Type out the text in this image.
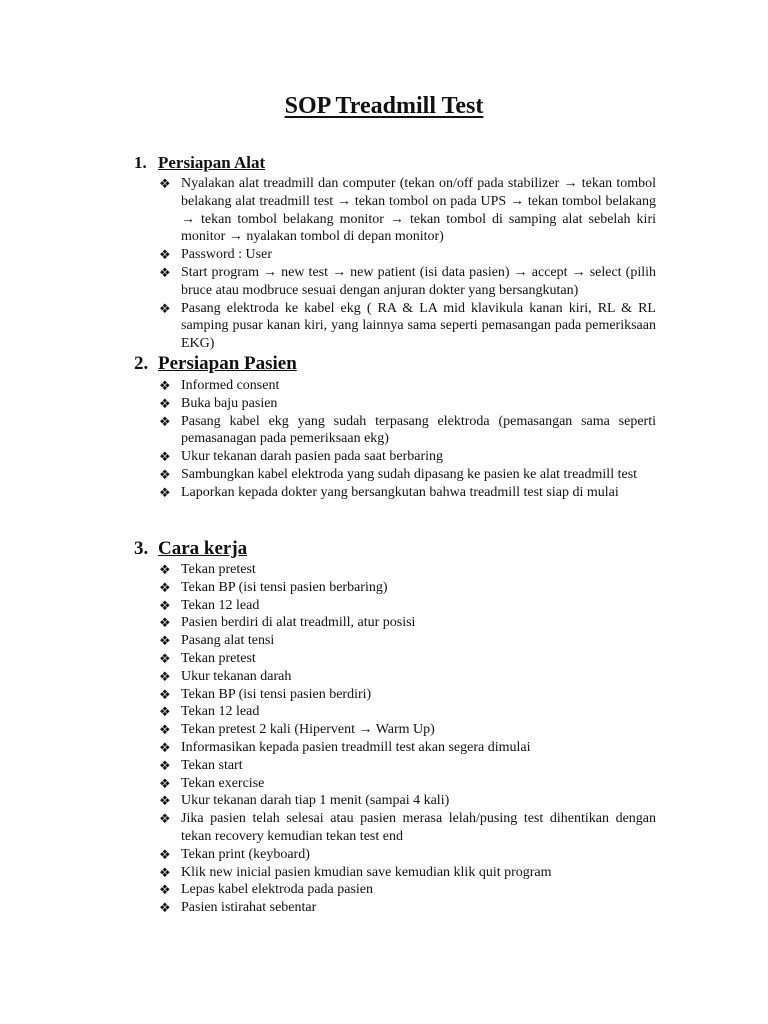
SOP Treadmill Test
1. Persiapan Alat
❖ Nyalakan alat treadmill dan computer (tekan on/off pada stabilizer → tekan tombol belakang alat treadmill test → tekan tombol on pada UPS → tekan tombol belakang → tekan tombol belakang monitor → tekan tombol di samping alat sebelah kiri monitor → nyalakan tombol di depan monitor)
❖ Password : User
❖ Start program → new test → new patient (isi data pasien) → accept → select (pilih bruce atau modbruce sesuai dengan anjuran dokter yang bersangkutan)
❖ Pasang elektroda ke kabel ekg ( RA & LA mid klavikula kanan kiri, RL & RL samping pusar kanan kiri, yang lainnya sama seperti pemasangan pada pemeriksaan EKG)
2. Persiapan Pasien
❖ Informed consent
❖ Buka baju pasien
❖ Pasang kabel ekg yang sudah terpasang elektroda (pemasangan sama seperti pemasanagan pada pemeriksaan ekg)
❖ Ukur tekanan darah pasien pada saat berbaring
❖ Sambungkan kabel elektroda yang sudah dipasang ke pasien ke alat treadmill test
❖ Laporkan kepada dokter yang bersangkutan bahwa treadmill test siap di mulai
3. Cara kerja
❖ Tekan pretest
❖ Tekan BP (isi tensi pasien berbaring)
❖ Tekan 12 lead
❖ Pasien berdiri di alat treadmill, atur posisi
❖ Pasang alat tensi
❖ Tekan pretest
❖ Ukur tekanan darah
❖ Tekan BP (isi tensi pasien berdiri)
❖ Tekan 12 lead
❖ Tekan pretest 2 kali (Hipervent → Warm Up)
❖ Informasikan kepada pasien treadmill test akan segera dimulai
❖ Tekan start
❖ Tekan exercise
❖ Ukur tekanan darah tiap 1 menit (sampai 4 kali)
❖ Jika pasien telah selesai atau pasien merasa lelah/pusing test dihentikan dengan tekan recovery kemudian tekan test end
❖ Tekan print (keyboard)
❖ Klik new inicial pasien kmudian save kemudian klik quit program
❖ Lepas kabel elektroda pada pasien
❖ Pasien istirahat sebentar
